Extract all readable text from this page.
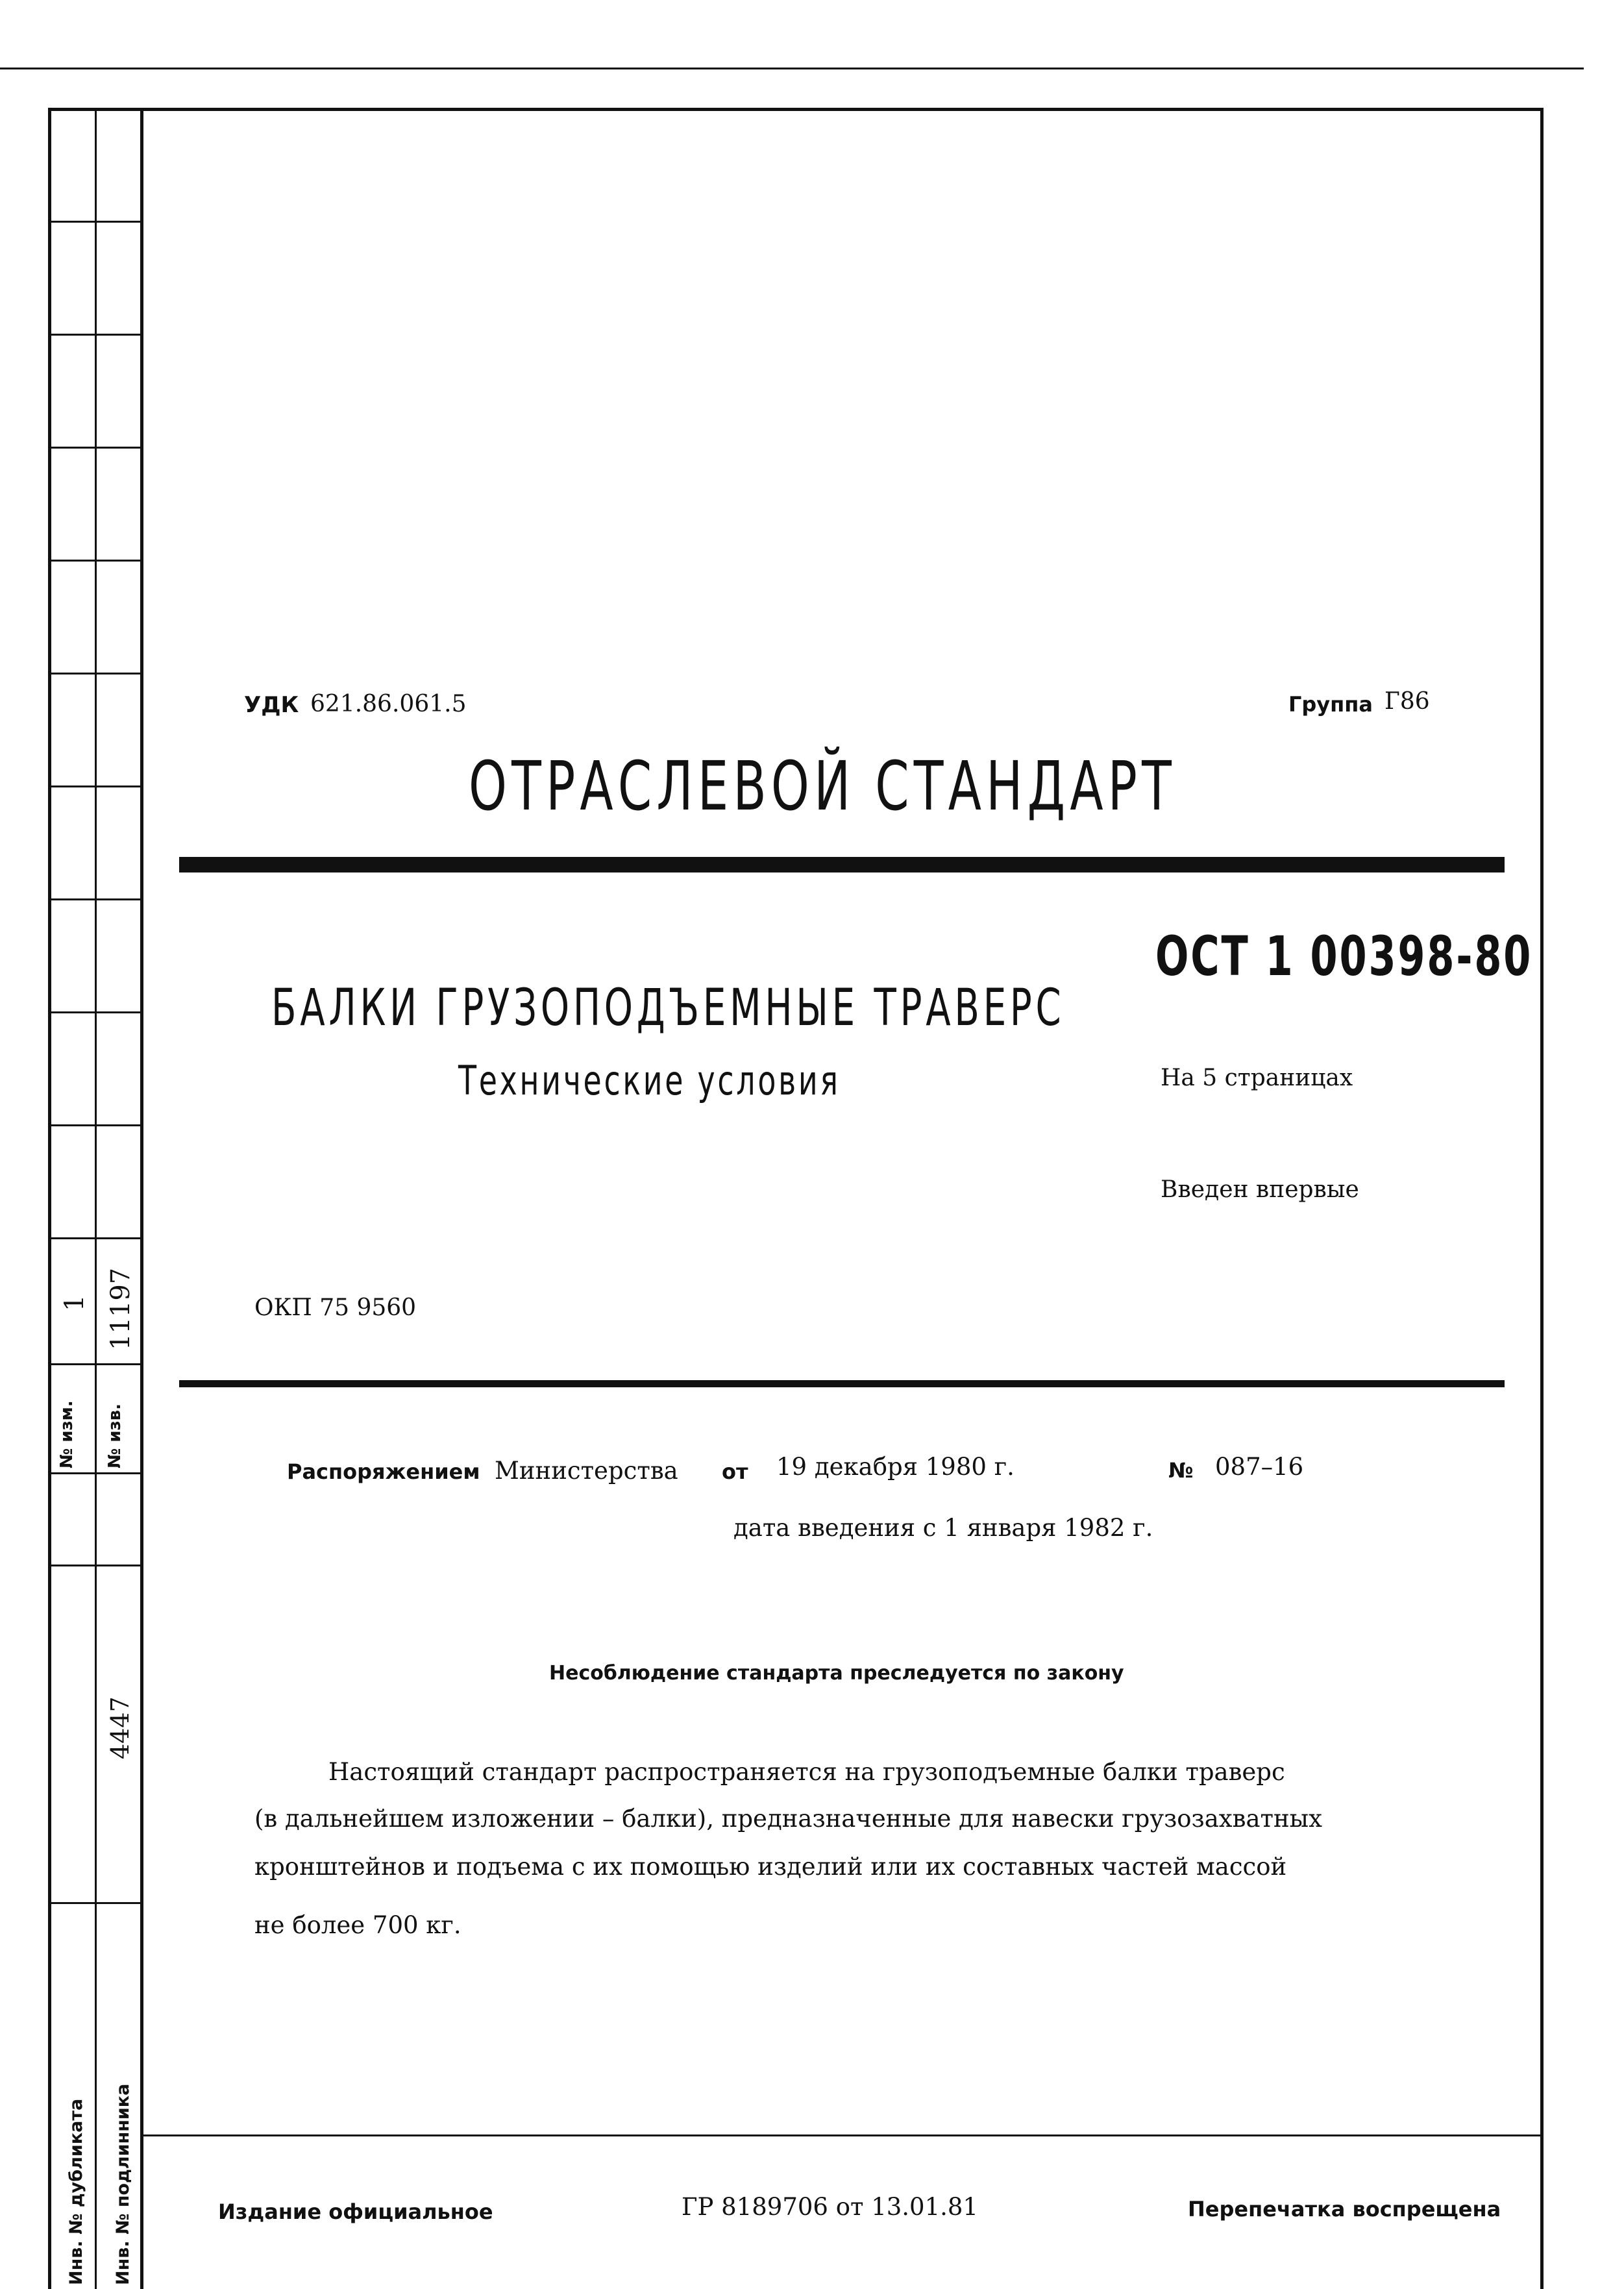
№ изм. № изв.
1 11197
4447
Инв. № дубликата Инв. № подлинника
УДК 621.86.061.5	Группа Г86
ОТРАСЛЕВОЙ СТАНДАРТ
ОСТ 1 00398-80
БАЛКИ ГРУЗОПОДЪЕМНЫЕ ТРАВЕРС
Технические условия	На 5 страницах
Введен впервые
ОКП 75 9560
Распоряжением Министерства от 19 декабря 1980 г.	№ 087–16
дата введения с 1 января 1982 г.
Несоблюдение стандарта преследуется по закону
Настоящий стандарт распространяется на грузоподъемные балки траверс
(в дальнейшем изложении – балки), предназначенные для навески грузозахватных
кронштейнов и подъема с их помощью изделий или их составных частей массой
не более 700 кг.
Издание официальное	ГР 8189706 от 13.01.81	Перепечатка воспрещена
